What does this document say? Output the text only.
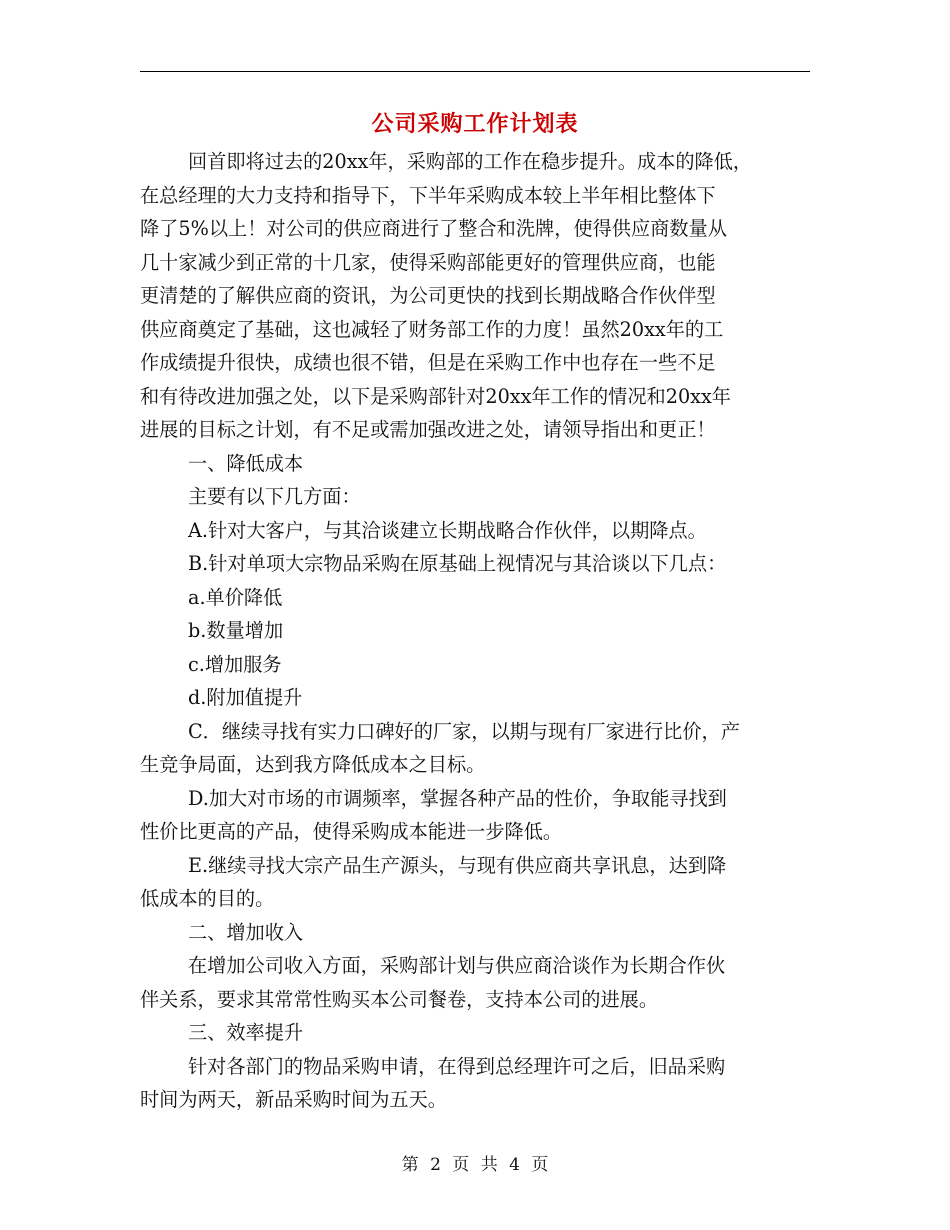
公司采购工作计划表
回首即将过去的20xx年，采购部的工作在稳步提升。成本的降低，
在总经理的大力支持和指导下，下半年采购成本较上半年相比整体下
降了5%以上！对公司的供应商进行了整合和洗牌，使得供应商数量从
几十家减少到正常的十几家，使得采购部能更好的管理供应商，也能
更清楚的了解供应商的资讯，为公司更快的找到长期战略合作伙伴型
供应商奠定了基础，这也减轻了财务部工作的力度！虽然20xx年的工
作成绩提升很快，成绩也很不错，但是在采购工作中也存在一些不足
和有待改进加强之处，以下是采购部针对20xx年工作的情况和20xx年
进展的目标之计划，有不足或需加强改进之处，请领导指出和更正！
一、降低成本
主要有以下几方面：
A.针对大客户，与其洽谈建立长期战略合作伙伴，以期降点。
B.针对单项大宗物品采购在原基础上视情况与其洽谈以下几点：
a.单价降低
b.数量增加
c.增加服务
d.附加值提升
C．继续寻找有实力口碑好的厂家，以期与现有厂家进行比价，产
生竞争局面，达到我方降低成本之目标。
D.加大对市场的市调频率，掌握各种产品的性价，争取能寻找到
性价比更高的产品，使得采购成本能进一步降低。
E.继续寻找大宗产品生产源头，与现有供应商共享讯息，达到降
低成本的目的。
二、增加收入
在增加公司收入方面，采购部计划与供应商洽谈作为长期合作伙
伴关系，要求其常常性购买本公司餐卷，支持本公司的进展。
三、效率提升
针对各部门的物品采购申请，在得到总经理许可之后，旧品采购
时间为两天，新品采购时间为五天。
第 2 页 共 4 页
